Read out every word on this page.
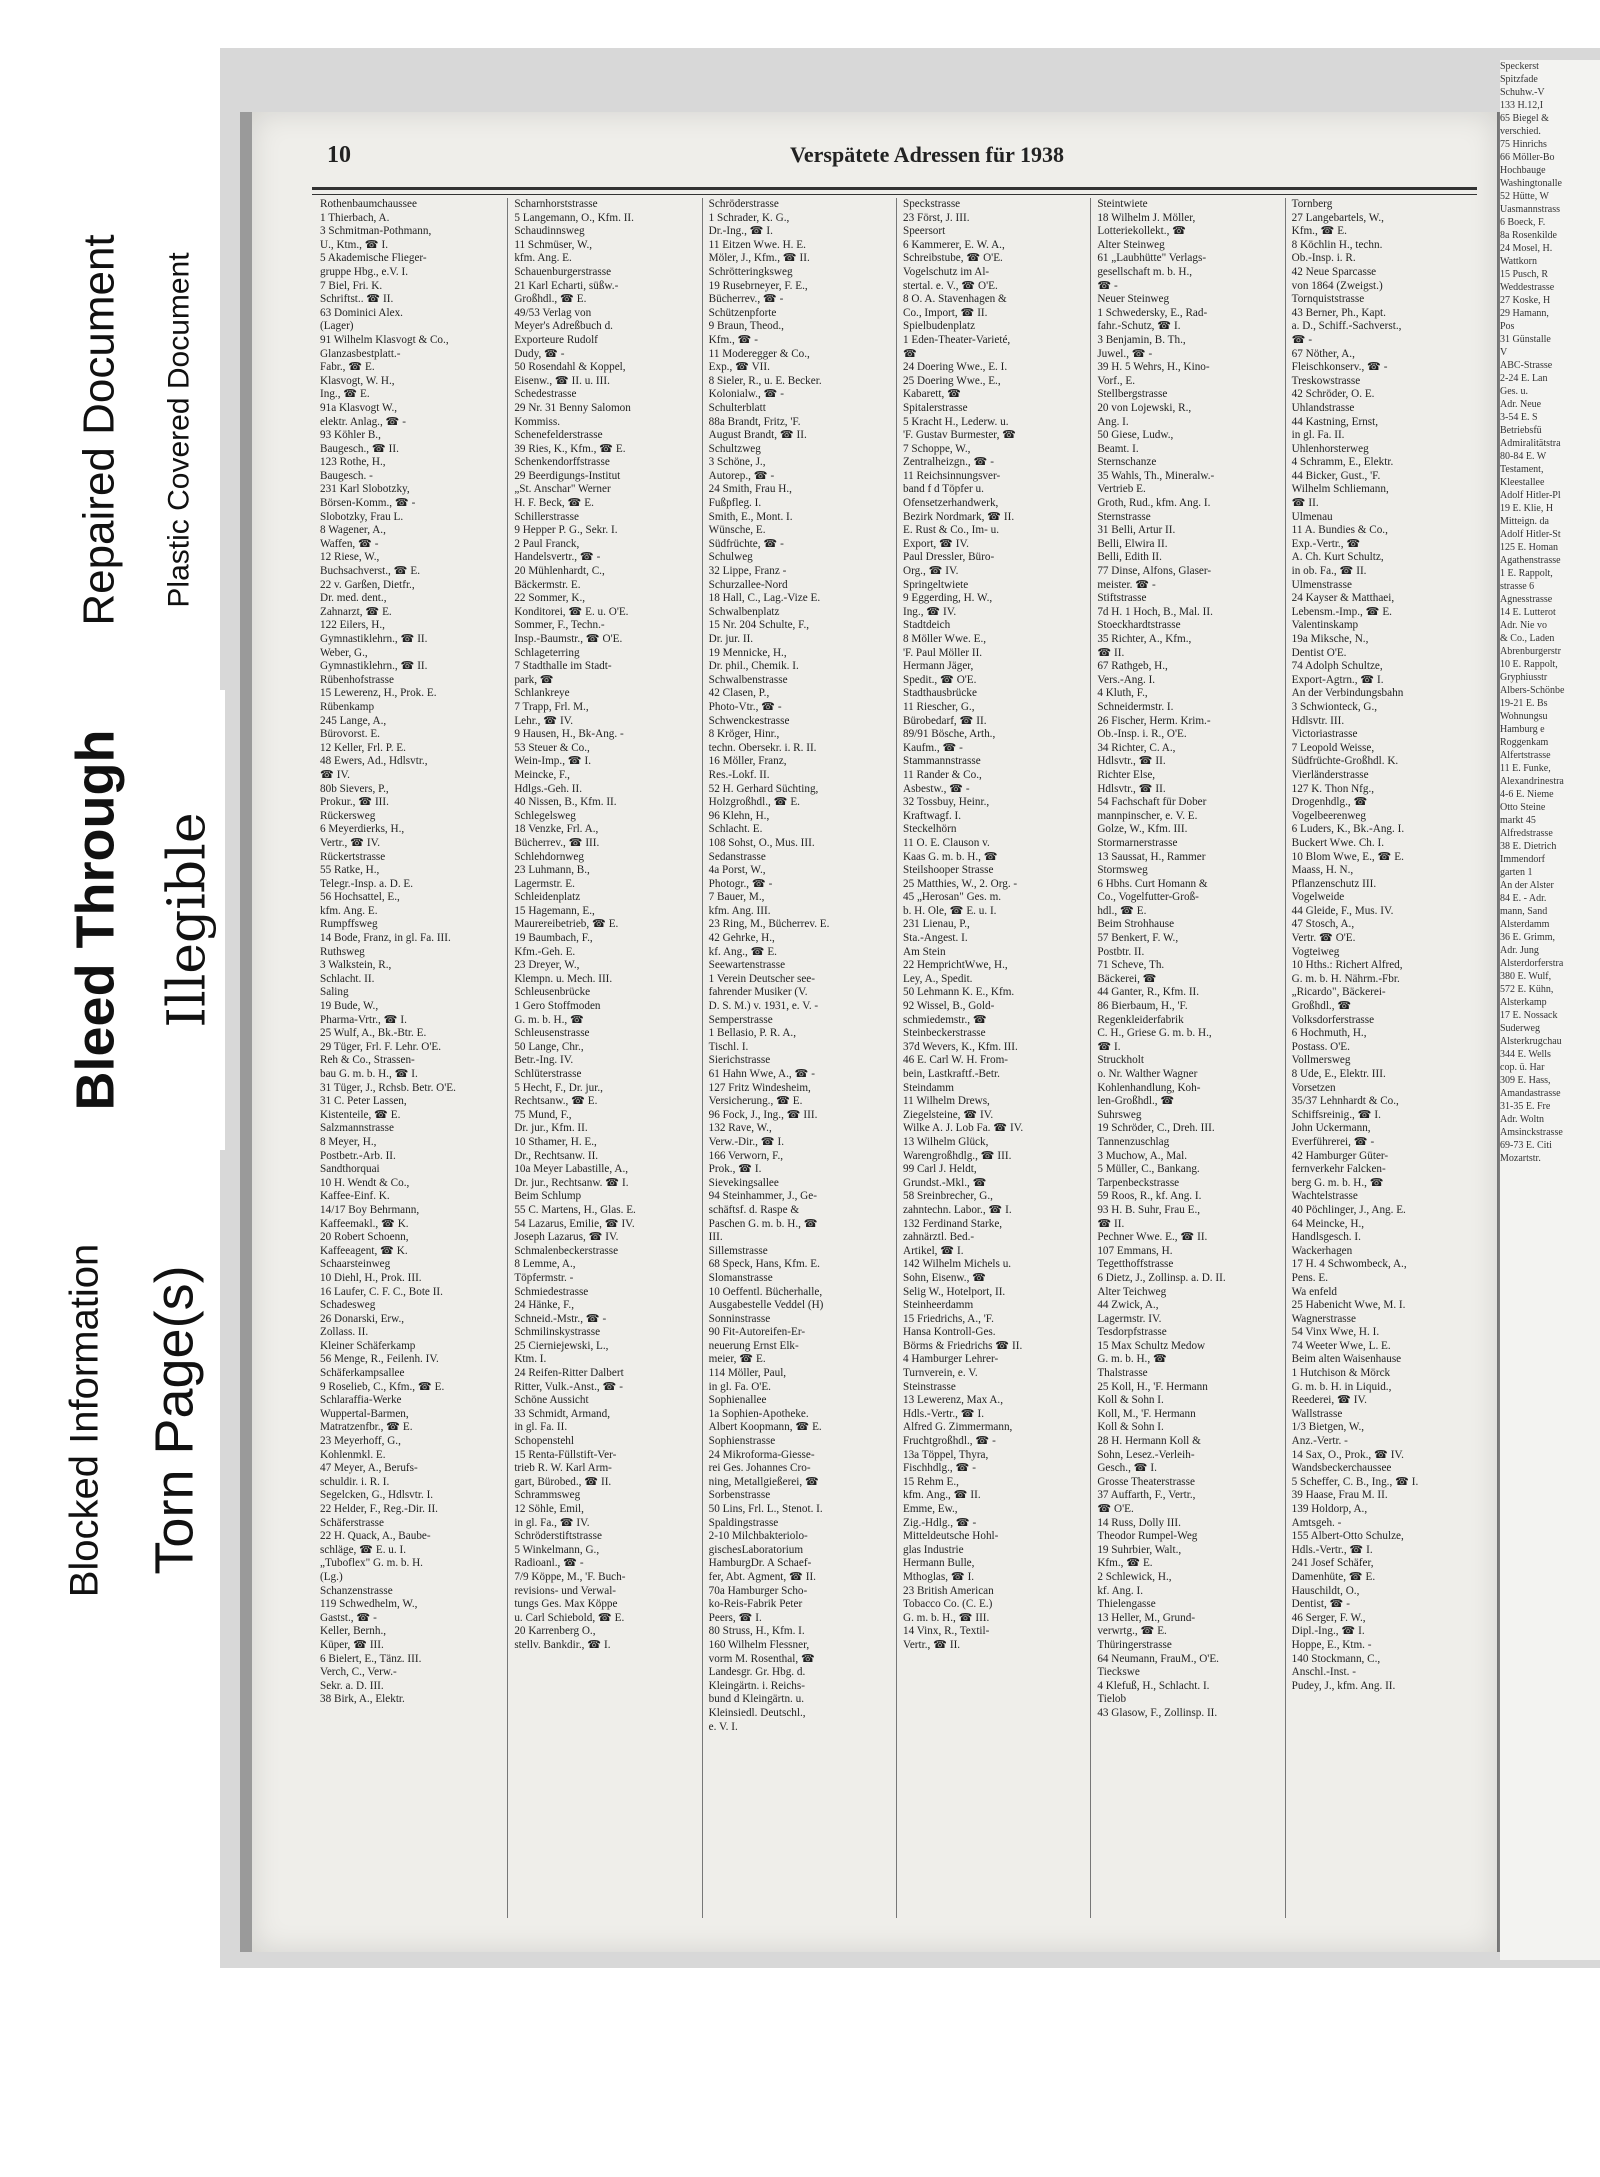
Speckerst
Spitzfade
Schuhw.-V
133 H.12,I
65 Biegel &
verschied.
75 Hinrichs
66 Möller-Bo
Hochbauge
Washingtonalle
52 Hütte, W
Uasmannstrass
6 Boeck, F.
8a Rosenkilde
24 Mosel, H.
Wattkorn
15 Pusch, R
Weddestrasse
27 Koske, H
29 Hamann,
Pos
31 Günstalle
V
ABC-Strasse
2-24 E. Lan
Ges. u.
Adr. Neue
3-54 E. S
Betriebsfü
Admiralitätstra
80-84 E. W
Testament,
Kleestallee
Adolf Hitler-Pl
19 E. Klie, H
Mitteign. da
Adolf Hitler-St
125 E. Homan
Agathenstrasse
1 E. Rappolt,
strasse 6
Agnesstrasse
14 E. Lutterot
Adr. Nie vo
& Co., Laden
Abrenburgerstr
10 E. Rappolt,
Gryphiusstr
Albers-Schönbe
19-21 E. Bs
Wohnungsu
Hamburg e
Roggenkam
Alfertstrasse
11 E. Funke,
Alexandrinestra
4-6 E. Nieme
Otto Steine
markt 45
Alfredstrasse
38 E. Dietrich
Immendorf
garten 1
An der Alster
84 E. - Adr.
mann, Sand
Alsterdamm
36 E. Grimm,
Adr. Jung
Alsterdorferstra
380 E. Wulf,
572 E. Kühn,
Alsterkamp
17 E. Nossack
Suderweg
Alsterkrugchau
344 E. Wells
cop. ü. Har
309 E. Hass,
Amandastrasse
31-35 E. Fre
Adr. Woltn
Amsinckstrasse
69-73 E. Citi
Mozartstr.
10	Verspätete Adressen für 1938
Rothenbaumchaussee
1 Thierbach, A.
3 Schmitman-Pothmann,
U., Ktm., ☎ I.
5 Akademische Flieger-
gruppe Hbg., e.V. I.
7 Biel, Fri. K.
Schriftst.. ☎ II.
63 Dominici Alex.
(Lager)
91 Wilhelm Klasvogt & Co.,
Glanzasbestplatt.-
Fabr., ☎ E.
Klasvogt, W. H.,
Ing., ☎ E.
91a Klasvogt W.,
elektr. Anlag., ☎ -
93 Köhler B.,
Baugesch., ☎ II.
123 Rothe, H.,
Baugesch. -
231 Karl Slobotzky,
Börsen-Komm., ☎ -
Slobotzky, Frau L.
8 Wagener, A.,
Waffen, ☎ -
12 Riese, W.,
Buchsachverst., ☎ E.
22 v. Garßen, Dietfr.,
Dr. med. dent.,
Zahnarzt, ☎ E.
122 Eilers, H.,
Gymnastiklehrn., ☎ II.
Weber, G.,
Gymnastiklehrn., ☎ II.
Rübenhofstrasse
15 Lewerenz, H., Prok. E.
Rübenkamp
245 Lange, A.,
Bürovorst. E.
12 Keller, Frl. P. E.
48 Ewers, Ad., Hdlsvtr.,
☎ IV.
80b Sievers, P.,
Prokur., ☎ III.
Rückersweg
6 Meyerdierks, H.,
Vertr., ☎ IV.
Rückertstrasse
55 Ratke, H.,
Telegr.-Insp. a. D. E.
56 Hochsattel, E.,
kfm. Ang. E.
Rumpffsweg
14 Bode, Franz, in gl. Fa. III.
Ruthsweg
3 Walkstein, R.,
Schlacht. II.
Saling
19 Bude, W.,
Pharma-Vrtr., ☎ I.
25 Wulf, A., Bk.-Btr. E.
29 Tüger, Frl. F. Lehr. O'E.
Reh & Co., Strassen-
bau G. m. b. H., ☎ I.
31 Tüger, J., Rchsb. Betr. O'E.
31 C. Peter Lassen,
Kistenteile, ☎ E.
Salzmannstrasse
8 Meyer, H.,
Postbetr.-Arb. II.
Sandthorquai
10 H. Wendt & Co.,
Kaffee-Einf. K.
14/17 Boy Behrmann,
Kaffeemakl., ☎ K.
20 Robert Schoenn,
Kaffeeagent, ☎ K.
Schaarsteinweg
10 Diehl, H., Prok. III.
16 Laufer, C. F. C., Bote II.
Schadesweg
26 Donarski, Erw.,
Zollass. II.
Kleiner Schäferkamp
56 Menge, R., Feilenh. IV.
Schäferkampsallee
9 Roselieb, C., Kfm., ☎ E.
Schlaraffia-Werke
Wuppertal-Barmen,
Matratzenfbr., ☎ E.
23 Meyerhoff, G.,
Kohlenmkl. E.
47 Meyer, A., Berufs-
schuldir. i. R. I.
Segelcken, G., Hdlsvtr. I.
22 Helder, F., Reg.-Dir. II.
Schäferstrasse
22 H. Quack, A., Baube-
schläge, ☎ E. u. I.
„Tuboflex" G. m. b. H.
(Lg.)
Schanzenstrasse
119 Schwedhelm, W.,
Gastst., ☎ -
Keller, Bernh.,
Küper, ☎ III.
6 Bielert, E., Tänz. III.
Verch, C., Verw.-
Sekr. a. D. III.
38 Birk, A., Elektr.
Scharnhorststrasse
5 Langemann, O., Kfm. II.
Schaudinnsweg
11 Schmüser, W.,
kfm. Ang. E.
Schauenburgerstrasse
21 Karl Echarti, süßw.-
Großhdl., ☎ E.
49/53 Verlag von
Meyer's Adreßbuch d.
Exporteure Rudolf
Dudy, ☎ -
50 Rosendahl & Koppel,
Eisenw., ☎ II. u. III.
Schedestrasse
29 Nr. 31 Benny Salomon
Kommiss.
Schenefelderstrasse
39 Ries, K., Kfm., ☎ E.
Schenkendorffstrasse
29 Beerdigungs-Institut
„St. Anschar" Werner
H. F. Beck, ☎ E.
Schillerstrasse
9 Hepper P. G., Sekr. I.
2 Paul Franck,
Handelsvertr., ☎ -
20 Mühlenhardt, C.,
Bäckermstr. E.
22 Sommer, K.,
Konditorei, ☎ E. u. O'E.
Sommer, F., Techn.-
Insp.-Baumstr., ☎ O'E.
Schlageterring
7 Stadthalle im Stadt-
park, ☎
Schlankreye
7 Trapp, Frl. M.,
Lehr., ☎ IV.
9 Hausen, H., Bk-Ang. -
53 Steuer & Co.,
Wein-Imp., ☎ I.
Meincke, F.,
Hdlgs.-Geh. II.
40 Nissen, B., Kfm. II.
Schlegelsweg
18 Venzke, Frl. A.,
Bücherrev., ☎ III.
Schlehdornweg
23 Luhmann, B.,
Lagermstr. E.
Schleidenplatz
15 Hagemann, E.,
Maurereibetrieb, ☎ E.
19 Baumbach, F.,
Kfm.-Geh. E.
23 Dreyer, W.,
Klempn. u. Mech. III.
Schleusenbrücke
1 Gero Stoffmoden
G. m. b. H., ☎
Schleusenstrasse
50 Lange, Chr.,
Betr.-Ing. IV.
Schlüterstrasse
5 Hecht, F., Dr. jur.,
Rechtsanw., ☎ E.
75 Mund, F.,
Dr. jur., Kfm. II.
10 Sthamer, H. E.,
Dr., Rechtsanw. II.
10a Meyer Labastille, A.,
Dr. jur., Rechtsanw. ☎ I.
Beim Schlump
55 C. Martens, H., Glas. E.
54 Lazarus, Emilie, ☎ IV.
Joseph Lazarus, ☎ IV.
Schmalenbeckerstrasse
8 Lemme, A.,
Töpfermstr. -
Schmiedestrasse
24 Hänke, F.,
Schneid.-Mstr., ☎ -
Schmilinskystrasse
25 Cierniejewski, L.,
Ktm. I.
24 Reifen-Ritter Dalbert
Ritter, Vulk.-Anst., ☎ -
Schöne Aussicht
33 Schmidt, Armand,
in gl. Fa. II.
Schopenstehl
15 Renta-Füllstift-Ver-
trieb R. W. Karl Arm-
gart, Bürobed., ☎ II.
Schrammsweg
12 Söhle, Emil,
in gl. Fa., ☎ IV.
Schröderstiftstrasse
5 Winkelmann, G.,
Radioanl., ☎ -
7/9 Köppe, M., 'F. Buch-
revisions- und Verwal-
tungs Ges. Max Köppe
u. Carl Schiebold, ☎ E.
20 Karrenberg O.,
stellv. Bankdir., ☎ I.
Schröderstrasse
1 Schrader, K. G.,
Dr.-Ing., ☎ I.
11 Eitzen Wwe. H. E.
Möler, J., Kfm., ☎ II.
Schrötteringksweg
19 Rusebrneyer, F. E.,
Bücherrev., ☎ -
Schützenpforte
9 Braun, Theod.,
Kfm., ☎ -
11 Moderegger & Co.,
Exp., ☎ VII.
8 Sieler, R., u. E. Becker.
Kolonialw., ☎ -
Schulterblatt
88a Brandt, Fritz, 'F.
August Brandt, ☎ II.
Schultzweg
3 Schöne, J.,
Autorep., ☎ -
24 Smith, Frau H.,
Fußpfleg. I.
Smith, E., Mont. I.
Wünsche, E.
Südfrüchte, ☎ -
Schulweg
32 Lippe, Franz -
Schurzallee-Nord
18 Hall, C., Lag.-Vize E.
Schwalbenplatz
15 Nr. 204 Schulte, F.,
Dr. jur. II.
19 Mennicke, H.,
Dr. phil., Chemik. I.
Schwalbenstrasse
42 Clasen, P.,
Photo-Vtr., ☎ -
Schwenckestrasse
8 Kröger, Hinr.,
techn. Obersekr. i. R. II.
16 Möller, Franz,
Res.-Lokf. II.
52 H. Gerhard Süchting,
Holzgroßhdl., ☎ E.
96 Klehn, H.,
Schlacht. E.
108 Sohst, O., Mus. III.
Sedanstrasse
4a Porst, W.,
Photogr., ☎ -
7 Bauer, M.,
kfm. Ang. III.
23 Ring, M., Bücherrev. E.
42 Gehrke, H.,
kf. Ang., ☎ E.
Seewartenstrasse
1 Verein Deutscher see-
fahrender Musiker (V.
D. S. M.) v. 1931, e. V. -
Semperstrasse
1 Bellasio, P. R. A.,
Tischl. I.
Sierichstrasse
61 Hahn Wwe, A., ☎ -
127 Fritz Windesheim,
Versicherung., ☎ E.
96 Fock, J., Ing., ☎ III.
132 Rave, W.,
Verw.-Dir., ☎ I.
166 Verworn, F.,
Prok., ☎ I.
Sievekingsallee
94 Steinhammer, J., Ge-
schäftsf. d. Raspe &
Paschen G. m. b. H., ☎
III.
Sillemstrasse
68 Speck, Hans, Kfm. E.
Slomanstrasse
10 Oeffentl. Bücherhalle,
Ausgabestelle Veddel (H)
Sonninstrasse
90 Fit-Autoreifen-Er-
neuerung Ernst Elk-
meier, ☎ E.
114 Möller, Paul,
in gl. Fa. O'E.
Sophienallee
1a Sophien-Apotheke.
Albert Koopmann, ☎ E.
Sophienstrasse
24 Mikroforma-Giesse-
rei Ges. Johannes Cro-
ning, Metallgießerei, ☎
Sorbenstrasse
50 Lins, Frl. L., Stenot. I.
Spaldingstrasse
2-10 Milchbakteriolo-
gischesLaboratorium
HamburgDr. A Schaef-
fer, Abt. Agment, ☎ II.
70a Hamburger Scho-
ko-Reis-Fabrik Peter
Peers, ☎ I.
80 Struss, H., Kfm. I.
160 Wilhelm Flessner,
vorm M. Rosenthal, ☎
Landesgr. Gr. Hbg. d.
Kleingärtn. i. Reichs-
bund d Kleingärtn. u.
Kleinsiedl. Deutschl.,
e. V. I.
Speckstrasse
23 Först, J. III.
Speersort
6 Kammerer, E. W. A.,
Schreibstube, ☎ O'E.
Vogelschutz im Al-
stertal. e. V., ☎ O'E.
8 O. A. Stavenhagen &
Co., Import, ☎ II.
Spielbudenplatz
1 Eden-Theater-Varieté,
☎
24 Doering Wwe., E. I.
25 Doering Wwe., E.,
Kabarett, ☎
Spitalerstrasse
5 Kracht H., Lederw. u.
'F. Gustav Burmester, ☎
7 Schoppe, W.,
Zentralheizgn., ☎ -
11 Reichsinnungsver-
band f d Töpfer u.
Ofensetzerhandwerk,
Bezirk Nordmark, ☎ II.
E. Rust & Co., Im- u.
Export, ☎ IV.
Paul Dressler, Büro-
Org., ☎ IV.
Springeltwiete
9 Eggerding, H. W.,
Ing., ☎ IV.
Stadtdeich
8 Möller Wwe. E.,
'F. Paul Möller II.
Hermann Jäger,
Spedit., ☎ O'E.
Stadthausbrücke
11 Riescher, G.,
Bürobedarf, ☎ II.
89/91 Bösche, Arth.,
Kaufm., ☎ -
Stammannstrasse
11 Rander & Co.,
Asbestw., ☎ -
32 Tossbuy, Heinr.,
Kraftwagf. I.
Steckelhörn
11 O. E. Clauson v.
Kaas G. m. b. H., ☎
Steilshooper Strasse
25 Matthies, W., 2. Org. -
45 „Herosan" Ges. m.
b. H. Ole, ☎ E. u. I.
231 Lienau, P.,
Sta.-Angest. I.
Am Stein
22 HemprichtWwe, H.,
Ley, A., Spedit.
50 Lehmann K. E., Kfm.
92 Wissel, B., Gold-
schmiedemstr., ☎
Steinbeckerstrasse
37d Wevers, K., Kfm. III.
46 E. Carl W. H. From-
bein, Lastkraftf.-Betr.
Steindamm
11 Wilhelm Drews,
Ziegelsteine, ☎ IV.
Wilke A. J. Lob Fa. ☎ IV.
13 Wilhelm Glück,
Warengroßhdlg., ☎ III.
99 Carl J. Heldt,
Grundst.-Mkl., ☎
58 Sreinbrecher, G.,
zahntechn. Labor., ☎ I.
132 Ferdinand Starke,
zahnärztl. Bed.-
Artikel, ☎ I.
142 Wilhelm Michels u.
Sohn, Eisenw., ☎
Selig W., Hotelport, II.
Steinheerdamm
15 Friedrichs, A., 'F.
Hansa Kontroll-Ges.
Börms & Friedrichs ☎ II.
4 Hamburger Lehrer-
Turnverein, e. V.
Steinstrasse
13 Lewerenz, Max A.,
Hdls.-Vertr., ☎ I.
Alfred G. Zimmermann,
Fruchtgroßhdl., ☎ -
13a Töppel, Thyra,
Fischhdlg., ☎ -
15 Rehm E.,
kfm. Ang., ☎ II.
Emme, Ew.,
Zig.-Hdlg., ☎ -
Mitteldeutsche Hohl-
glas Industrie
Hermann Bulle,
Mthoglas, ☎ I.
23 British American
Tobacco Co. (C. E.)
G. m. b. H., ☎ III.
14 Vinx, R., Textil-
Vertr., ☎ II.
Steintwiete
18 Wilhelm J. Möller,
Lotteriekollekt., ☎
Alter Steinweg
61 „Laubhütte" Verlags-
gesellschaft m. b. H.,
☎ -
Neuer Steinweg
1 Schwedersky, E., Rad-
fahr.-Schutz, ☎ I.
3 Benjamin, B. Th.,
Juwel., ☎ -
39 H. 5 Wehrs, H., Kino-
Vorf., E.
Stellbergstrasse
20 von Lojewski, R.,
Ang. I.
50 Giese, Ludw.,
Beamt. I.
Sternschanze
35 Wahls, Th., Mineralw.-
Vertrieb E.
Groth, Rud., kfm. Ang. I.
Sternstrasse
31 Belli, Artur II.
Belli, Elwira II.
Belli, Edith II.
77 Dinse, Alfons, Glaser-
meister. ☎ -
Stiftstrasse
7d H. 1 Hoch, B., Mal. II.
Stoeckhardtstrasse
35 Richter, A., Kfm.,
☎ II.
67 Rathgeb, H.,
Vers.-Ang. I.
4 Kluth, F.,
Schneidermstr. I.
26 Fischer, Herm. Krim.-
Ob.-Insp. i. R., O'E.
34 Richter, C. A.,
Hdlsvtr., ☎ II.
Richter Else,
Hdlsvtr., ☎ II.
54 Fachschaft für Dober
mannpinscher, e. V. E.
Golze, W., Kfm. III.
Stormarnerstrasse
13 Saussat, H., Rammer
Stormsweg
6 Hbhs. Curt Homann &
Co., Vogelfutter-Groß-
hdl., ☎ E.
Beim Strohhause
57 Benkert, F. W.,
Postbtr. II.
71 Scheve, Th.
Bäckerei, ☎
44 Ganter, R., Kfm. II.
86 Bierbaum, H., 'F.
Regenkleiderfabrik
C. H., Griese G. m. b. H.,
☎ I.
Struckholt
o. Nr. Walther Wagner
Kohlenhandlung, Koh-
len-Großhdl., ☎
Suhrsweg
19 Schröder, C., Dreh. III.
Tannenzuschlag
3 Muchow, A., Mal.
5 Müller, C., Bankang.
Tarpenbeckstrasse
59 Roos, R., kf. Ang. I.
93 H. B. Suhr, Frau E.,
☎ II.
Pechner Wwe. E., ☎ II.
107 Emmans, H.
Tegetthoffstrasse
6 Dietz, J., Zollinsp. a. D. II.
Alter Teichweg
44 Zwick, A.,
Lagermstr. IV.
Tesdorpfstrasse
15 Max Schultz Medow
G. m. b. H., ☎
Thalstrasse
25 Koll, H., 'F. Hermann
Koll & Sohn I.
Koll, M., 'F. Hermann
Koll & Sohn I.
28 H. Hermann Koll &
Sohn, Lesez.-Verleih-
Gesch., ☎ I.
Grosse Theaterstrasse
37 Auffarth, F., Vertr.,
☎ O'E.
14 Russ, Dolly III.
Theodor Rumpel-Weg
19 Suhrbier, Walt.,
Kfm., ☎ E.
2 Schlewick, H.,
kf. Ang. I.
Thielengasse
13 Heller, M., Grund-
verwrtg., ☎ E.
Thüringerstrasse
64 Neumann, FrauM., O'E.
Tieckswe
4 Klefuß, H., Schlacht. I.
Tielob
43 Glasow, F., Zollinsp. II.
Tornberg
27 Langebartels, W.,
Kfm., ☎ E.
8 Köchlin H., techn.
Ob.-Insp. i. R.
42 Neue Sparcasse
von 1864 (Zweigst.)
Tornquiststrasse
43 Berner, Ph., Kapt.
a. D., Schiff.-Sachverst.,
☎ -
67 Nöther, A.,
Fleischkonserv., ☎ -
Treskowstrasse
42 Schröder, O. E.
Uhlandstrasse
44 Kastning, Ernst,
in gl. Fa. II.
Uhlenhorsterweg
4 Schramm, E., Elektr.
44 Bicker, Gust., 'F.
Wilhelm Schliemann,
☎ II.
Ulmenau
11 A. Bundies & Co.,
Exp.-Vertr., ☎
A. Ch. Kurt Schultz,
in ob. Fa., ☎ II.
Ulmenstrasse
24 Kayser & Matthaei,
Lebensm.-Imp., ☎ E.
Valentinskamp
19a Miksche, N.,
Dentist O'E.
74 Adolph Schultze,
Export-Agtrn., ☎ I.
An der Verbindungsbahn
3 Schwionteck, G.,
Hdlsvtr. III.
Victoriastrasse
7 Leopold Weisse,
Südfrüchte-Großhdl. K.
Vierländerstrasse
127 K. Thon Nfg.,
Drogenhdlg., ☎
Vogelbeerenweg
6 Luders, K., Bk.-Ang. I.
Buckert Wwe. Ch. I.
10 Blom Wwe, E., ☎ E.
Maass, H. N.,
Pflanzenschutz III.
Vogelweide
44 Gleide, F., Mus. IV.
47 Stosch, A.,
Vertr. ☎ O'E.
Vogteiweg
10 Hths.: Richert Alfred,
G. m. b. H. Nährm.-Fbr.
„Ricardo", Bäckerei-
Großhdl., ☎
Volksdorferstrasse
6 Hochmuth, H.,
Postass. O'E.
Vollmersweg
8 Ude, E., Elektr. III.
Vorsetzen
35/37 Lehnhardt & Co.,
Schiffsreinig., ☎ I.
John Uckermann,
Everführerei, ☎ -
42 Hamburger Güter-
fernverkehr Falcken-
berg G. m. b. H., ☎
Wachtelstrasse
40 Pöchlinger, J., Ang. E.
64 Meincke, H.,
Handlsgesch. I.
Wackerhagen
17 H. 4 Schwombeck, A.,
Pens. E.
Wa enfeld
25 Habenicht Wwe, M. I.
Wagnerstrasse
54 Vinx Wwe, H. I.
74 Weeter Wwe, L. E.
Beim alten Waisenhause
1 Hutchison & Mörck
G. m. b. H. in Liquid.,
Reederei, ☎ IV.
Wallstrasse
1/3 Bietgen, W.,
Anz.-Vertr. -
14 Sax, O., Prok., ☎ IV.
Wandsbeckerchaussee
5 Scheffer, C. B., Ing., ☎ I.
39 Haase, Frau M. II.
139 Holdorp, A.,
Amtsgeh. -
155 Albert-Otto Schulze,
Hdls.-Vertr., ☎ I.
241 Josef Schäfer,
Damenhüte, ☎ E.
Hauschildt, O.,
Dentist, ☎ -
46 Serger, F. W.,
Dipl.-Ing., ☎ I.
Hoppe, E., Ktm. -
140 Stockmann, C.,
Anschl.-Inst. -
Pudey, J., kfm. Ang. II.
Repaired Document Plastic Covered Document
Bleed Through Illegible
Blocked Information Torn Page(s)
